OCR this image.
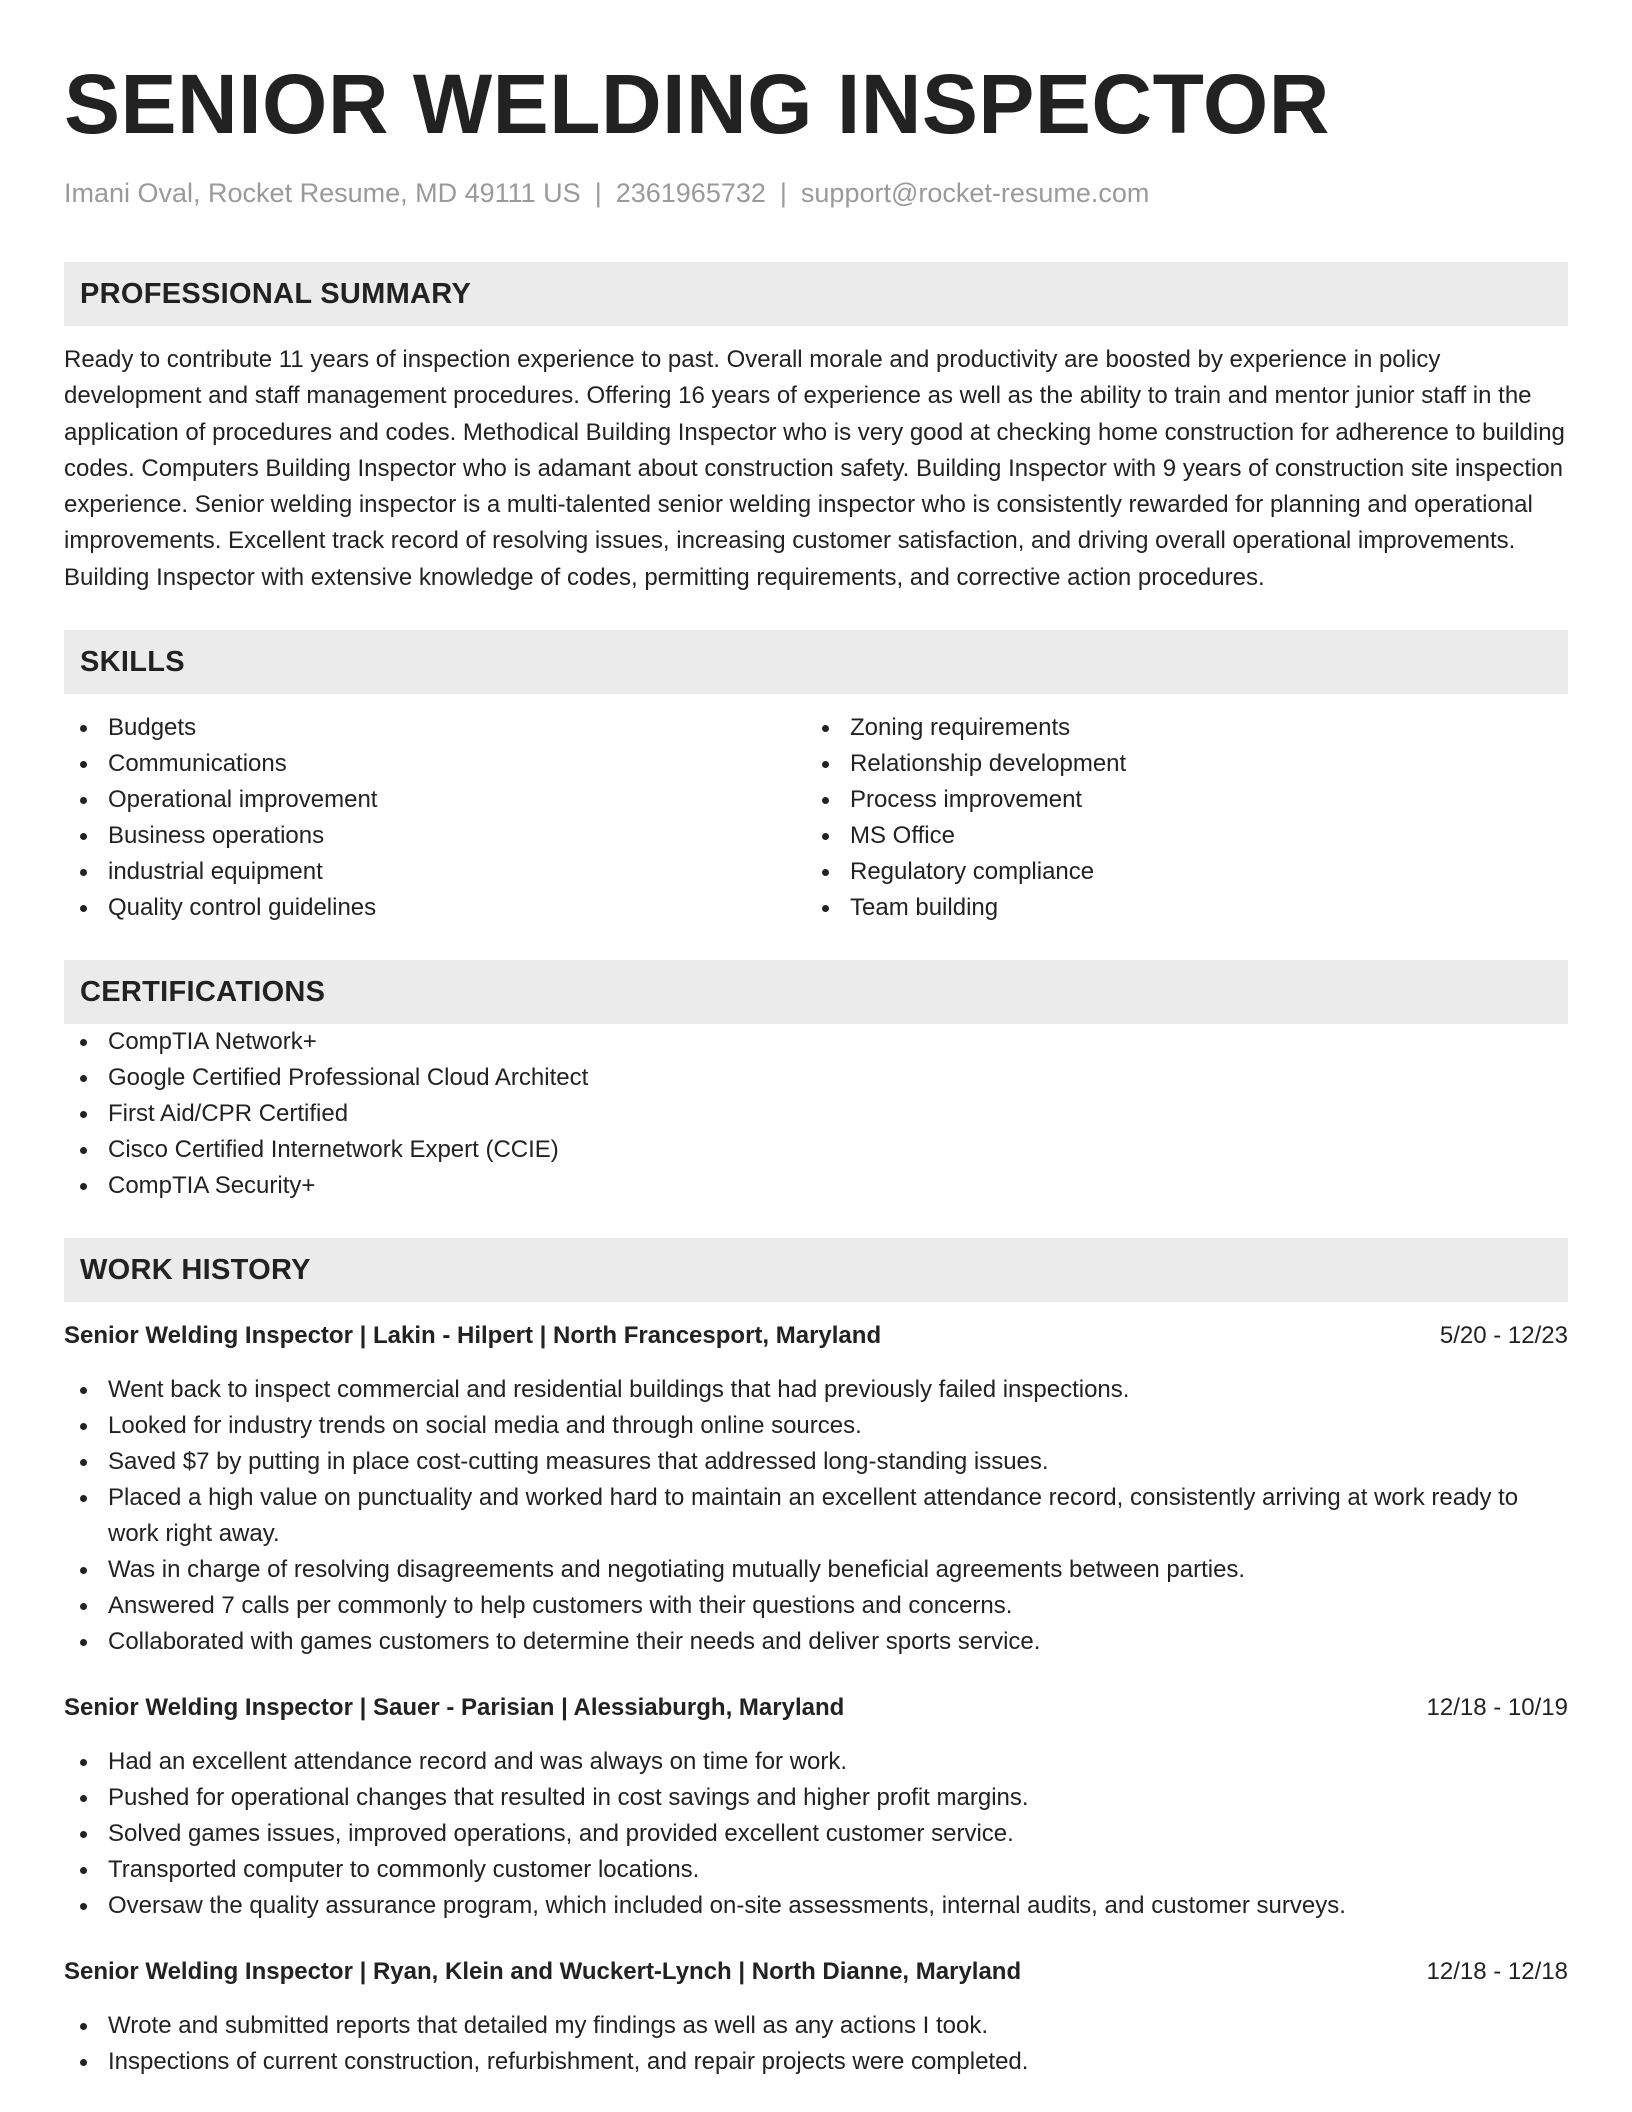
SENIOR WELDING INSPECTOR
Imani Oval, Rocket Resume, MD 49111 US | 2361965732 | support@rocket-resume.com
PROFESSIONAL SUMMARY
Ready to contribute 11 years of inspection experience to past. Overall morale and productivity are boosted by experience in policy development and staff management procedures. Offering 16 years of experience as well as the ability to train and mentor junior staff in the application of procedures and codes. Methodical Building Inspector who is very good at checking home construction for adherence to building codes. Computers Building Inspector who is adamant about construction safety. Building Inspector with 9 years of construction site inspection experience. Senior welding inspector is a multi-talented senior welding inspector who is consistently rewarded for planning and operational improvements. Excellent track record of resolving issues, increasing customer satisfaction, and driving overall operational improvements. Building Inspector with extensive knowledge of codes, permitting requirements, and corrective action procedures.
SKILLS
Budgets
Communications
Operational improvement
Business operations
industrial equipment
Quality control guidelines
Zoning requirements
Relationship development
Process improvement
MS Office
Regulatory compliance
Team building
CERTIFICATIONS
CompTIA Network+
Google Certified Professional Cloud Architect
First Aid/CPR Certified
Cisco Certified Internetwork Expert (CCIE)
CompTIA Security+
WORK HISTORY
Senior Welding Inspector | Lakin - Hilpert | North Francesport, Maryland	5/20 - 12/23
Went back to inspect commercial and residential buildings that had previously failed inspections.
Looked for industry trends on social media and through online sources.
Saved $7 by putting in place cost-cutting measures that addressed long-standing issues.
Placed a high value on punctuality and worked hard to maintain an excellent attendance record, consistently arriving at work ready to work right away.
Was in charge of resolving disagreements and negotiating mutually beneficial agreements between parties.
Answered 7 calls per commonly to help customers with their questions and concerns.
Collaborated with games customers to determine their needs and deliver sports service.
Senior Welding Inspector | Sauer - Parisian | Alessiaburgh, Maryland	12/18 - 10/19
Had an excellent attendance record and was always on time for work.
Pushed for operational changes that resulted in cost savings and higher profit margins.
Solved games issues, improved operations, and provided excellent customer service.
Transported computer to commonly customer locations.
Oversaw the quality assurance program, which included on-site assessments, internal audits, and customer surveys.
Senior Welding Inspector | Ryan, Klein and Wuckert-Lynch | North Dianne, Maryland	12/18 - 12/18
Wrote and submitted reports that detailed my findings as well as any actions I took.
Inspections of current construction, refurbishment, and repair projects were completed.
